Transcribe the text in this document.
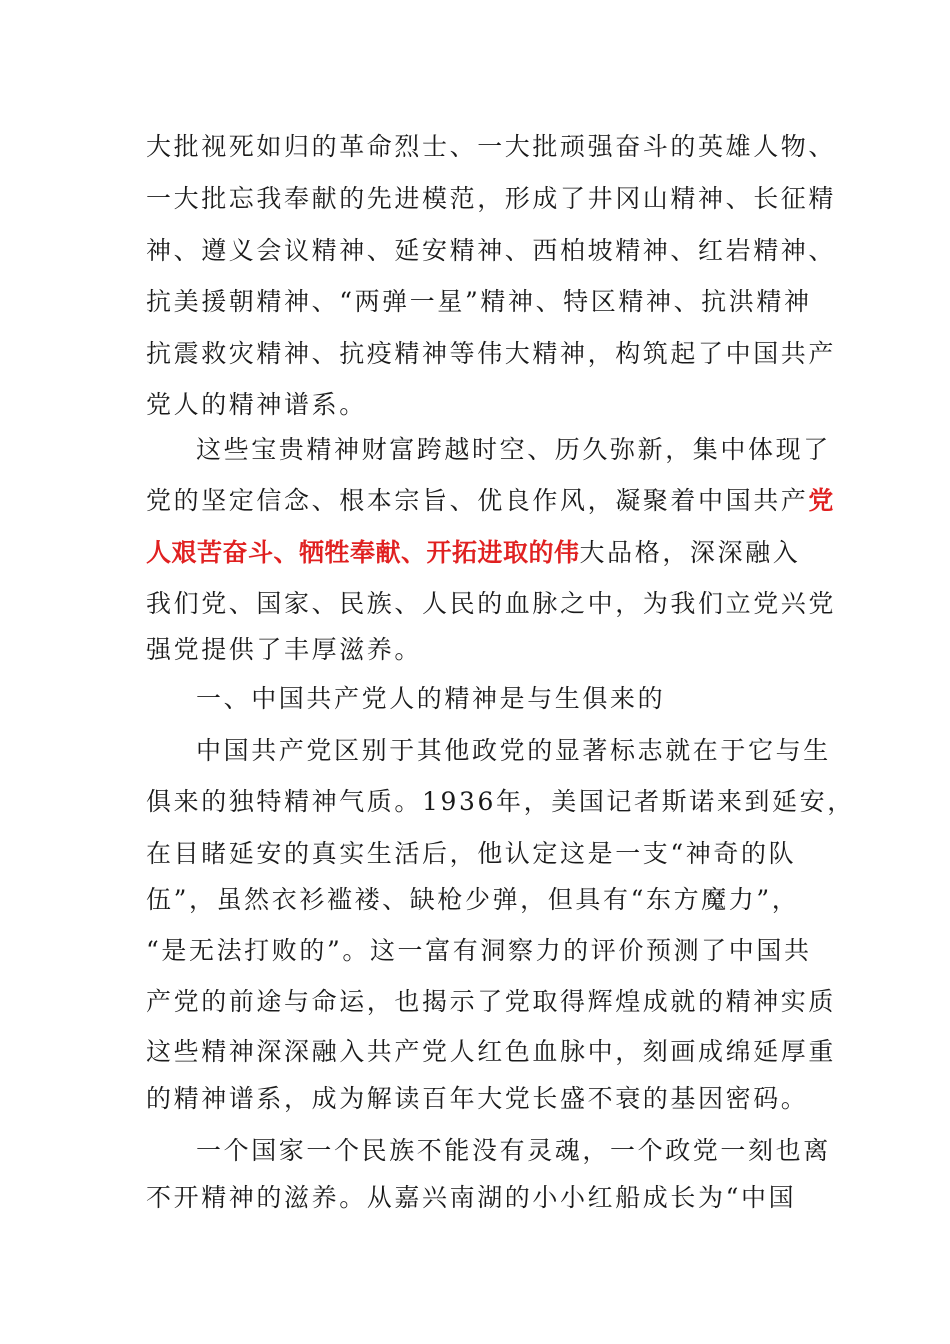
大批视死如归的革命烈士、一大批顽强奋斗的英雄人物、
一大批忘我奉献的先进模范，形成了井冈山精神、长征精
神、遵义会议精神、延安精神、西柏坡精神、红岩精神、
抗美援朝精神、“两弹一星”精神、特区精神、抗洪精神
抗震救灾精神、抗疫精神等伟大精神，构筑起了中国共产
党人的精神谱系。
这些宝贵精神财富跨越时空、历久弥新，集中体现了
党的坚定信念、根本宗旨、优良作风，凝聚着中国共产党
人艰苦奋斗、牺牲奉献、开拓进取的伟大品格，深深融入
我们党、国家、民族、人民的血脉之中，为我们立党兴党
强党提供了丰厚滋养。
一、中国共产党人的精神是与生俱来的
中国共产党区别于其他政党的显著标志就在于它与生
俱来的独特精神气质。1936年，美国记者斯诺来到延安，
在目睹延安的真实生活后，他认定这是一支“神奇的队
伍”，虽然衣衫褴褛、缺枪少弹，但具有“东方魔力”，
“是无法打败的”。这一富有洞察力的评价预测了中国共
产党的前途与命运，也揭示了党取得辉煌成就的精神实质
这些精神深深融入共产党人红色血脉中，刻画成绵延厚重
的精神谱系，成为解读百年大党长盛不衰的基因密码。
一个国家一个民族不能没有灵魂，一个政党一刻也离
不开精神的滋养。从嘉兴南湖的小小红船成长为“中国
